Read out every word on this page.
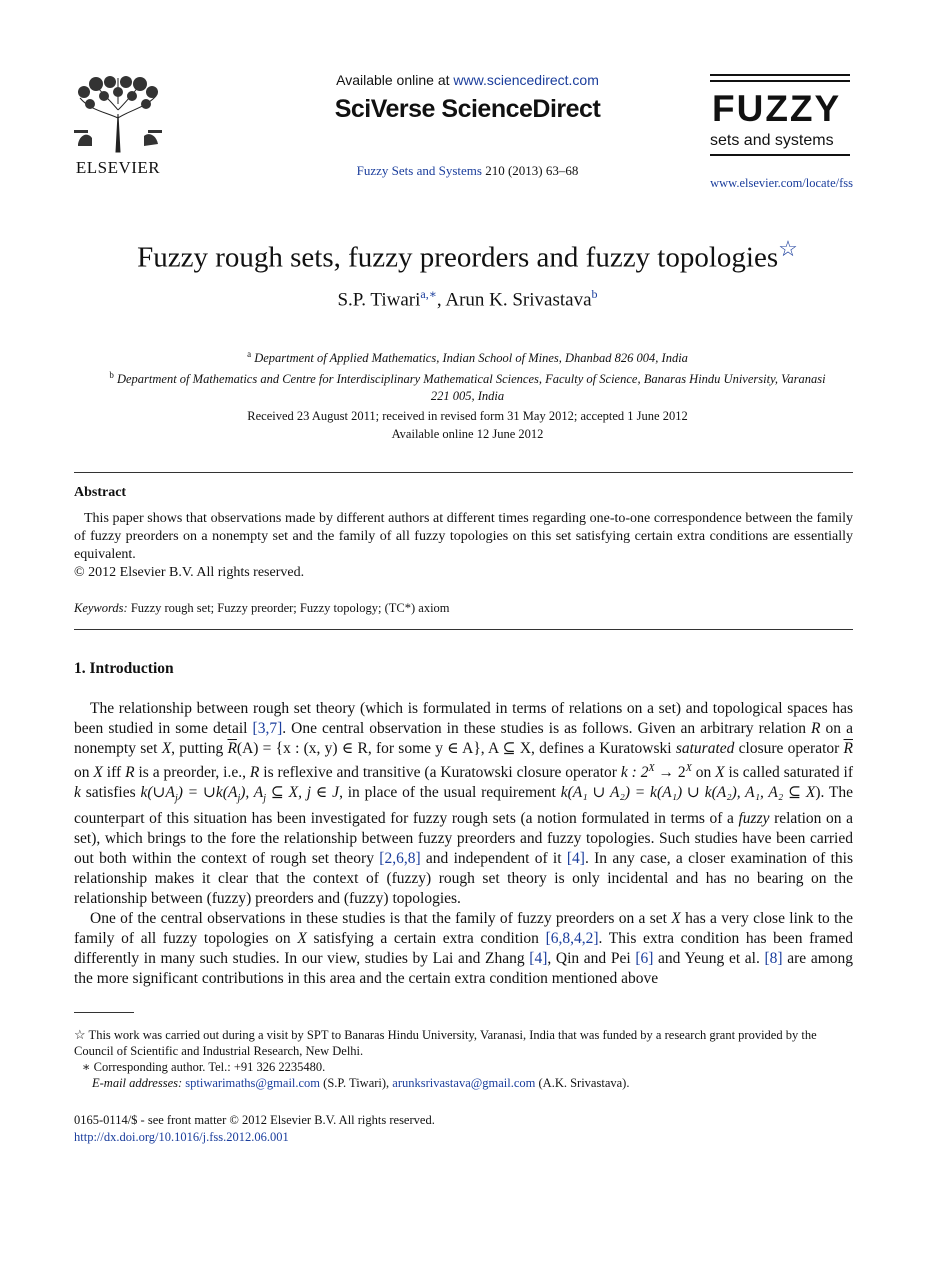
ELSEVIER
Available online at www.sciencedirect.com
SciVerse ScienceDirect
Fuzzy Sets and Systems 210 (2013) 63–68
FUZZY
sets and systems
www.elsevier.com/locate/fss
Fuzzy rough sets, fuzzy preorders and fuzzy topologies☆
S.P. Tiwari$^{a,∗}$, Arun K. Srivastava$^b$
$^a$ Department of Applied Mathematics, Indian School of Mines, Dhanbad 826 004, India
$^b$ Department of Mathematics and Centre for Interdisciplinary Mathematical Sciences, Faculty of Science, Banaras Hindu University, Varanasi 221 005, India
Received 23 August 2011; received in revised form 31 May 2012; accepted 1 June 2012
Available online 12 June 2012
Abstract

This paper shows that observations made by different authors at different times regarding one-to-one correspondence between the family of fuzzy preorders on a nonempty set and the family of all fuzzy topologies on this set satisfying certain extra conditions are essentially equivalent.

© 2012 Elsevier B.V. All rights reserved.

Keywords: Fuzzy rough set; Fuzzy preorder; Fuzzy topology; (TC*) axiom
1. Introduction

The relationship between rough set theory (which is formulated in terms of relations on a set) and topological spaces has been studied in some detail [3,7]. One central observation in these studies is as follows. Given an arbitrary relation R on a nonempty set X, putting $\overline{R}(A) = \{x$ : (x, y) ∈ R, for some y ∈ A}, A ⊆ X, defines a Kuratowski saturated closure operator $\overline{R}$ on X iff R is a preorder, i.e., R is reflexive and transitive (a Kuratowski closure operator k : $2^X \to 2^X$ on X is called saturated if k satisfies $k(\cup A_j)$ = $\cup k(A_j)$, $A_j$ ⊆ X, j ∈ J, in place of the usual requirement k(A₁ ∪ A₂) = k(A₁) ∪ k(A₂), A₁, A₂ ⊆ X). The counterpart of this situation has been investigated for fuzzy rough sets (a notion formulated in terms of a fuzzy relation on a set), which brings to the fore the relationship between fuzzy preorders and fuzzy topologies. Such studies have been carried out both within the context of rough set theory [2,6,8] and independent of it [4]. In any case, a closer examination of this relationship makes it clear that the context of (fuzzy) rough set theory is only incidental and has no bearing on the relationship between (fuzzy) preorders and (fuzzy) topologies.

One of the central observations in these studies is that the family of fuzzy preorders on a set X has a very close link to the family of all fuzzy topologies on X satisfying a certain extra condition [6,8,4,2]. This extra condition has been framed differently in many such studies. In our view, studies by Lai and Zhang [4], Qin and Pei [6] and Yeung et al. [8] are among the more significant contributions in this area and the certain extra condition mentioned above

☆ This work was carried out during a visit by SPT to Banaras Hindu University, Varanasi, India that was funded by a research grant provided by the Council of Scientific and Industrial Research, New Delhi.

∗ Corresponding author. Tel.: +91 326 2235480.

E-mail addresses: sptiwarimaths@gmail.com (S.P. Tiwari), arunksrivastava@gmail.com (A.K. Srivastava).

0165-0114/$ - see front matter © 2012 Elsevier B.V. All rights reserved.
http://dx.doi.org/10.1016/j.fss.2012.06.001
